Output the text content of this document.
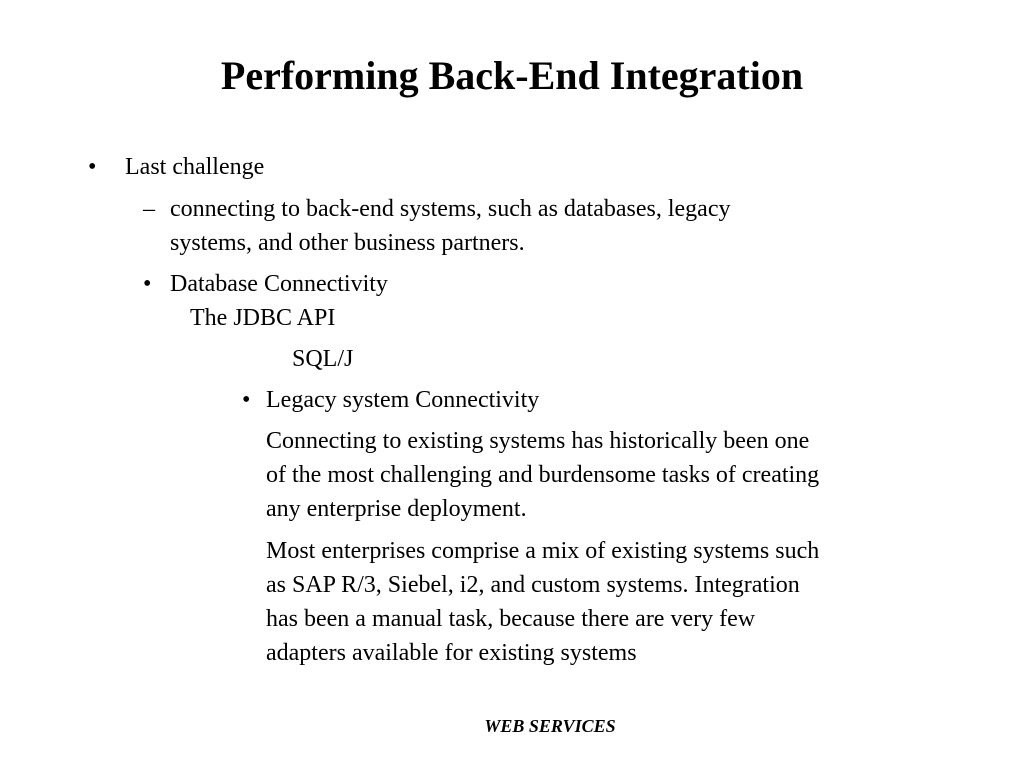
Performing Back-End Integration
• Last challenge
– connecting to back-end systems, such as databases, legacy
systems, and other business partners.
• Database Connectivity
The JDBC API
SQL/J
• Legacy system Connectivity
Connecting to existing systems has historically been one
of the most challenging and burdensome tasks of creating
any enterprise deployment.
Most enterprises comprise a mix of existing systems such
as SAP R/3, Siebel, i2, and custom systems. Integration
has been a manual task, because there are very few
adapters available for existing systems
WEB SERVICES
